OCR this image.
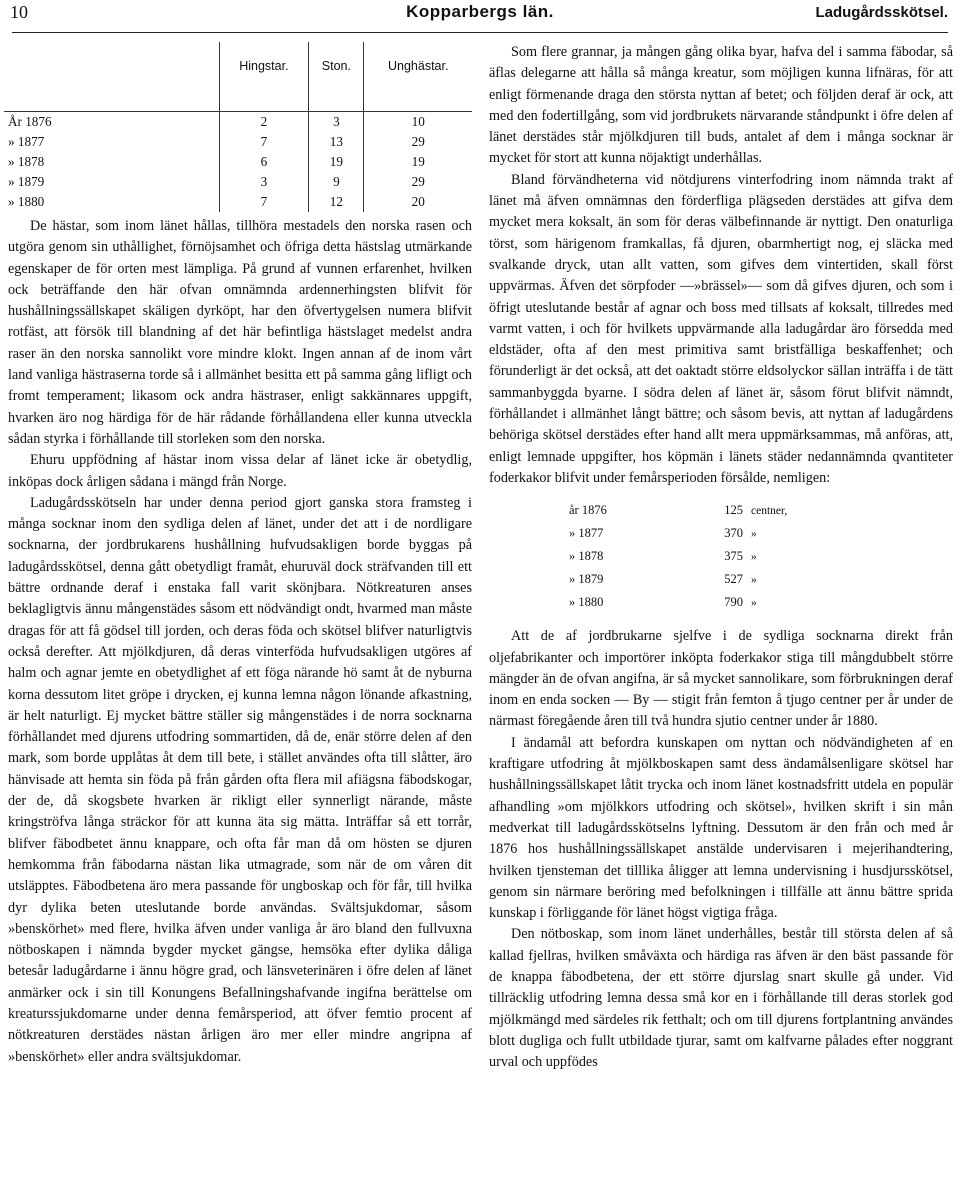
10	Kopparbergs län.	Ladugårdsskötsel.
	Hingstar.	Ston.	Unghästar.
År 1876	2	3	10
» 1877	7	13	29
» 1878	6	19	19
» 1879	3	9	29
» 1880	7	12	20

De hästar, som inom länet hållas, tillhöra mestadels den norska rasen och utgöra genom sin uthållighet, förnöjsamhet och öfriga detta hästslag utmärkande egenskaper de för orten mest lämpliga. På grund af vunnen erfarenhet, hvilken ock beträffande den här ofvan omnämnda ardennerhingsten blifvit för hushållningssällskapet skäligen dyrköpt, har den öfvertygelsen numera blifvit rotfäst, att försök till blandning af det här befintliga hästslaget medelst andra raser än den norska sannolikt vore mindre klokt. Ingen annan af de inom vårt land vanliga hästraserna torde så i allmänhet besitta ett på samma gång lifligt och fromt temperament; likasom ock andra hästraser, enligt sakkännares uppgift, hvarken äro nog härdiga för de här rådande förhållandena eller kunna utveckla sådan styrka i förhållande till storleken som den norska.

Ehuru uppfödning af hästar inom vissa delar af länet icke är obetydlig, inköpas dock årligen sådana i mängd från Norge.

Ladugårdsskötseln har under denna period gjort ganska stora framsteg i många socknar inom den sydliga delen af länet, under det att i de nordligare socknarna, der jordbrukarens hushållning hufvudsakligen borde byggas på ladugårdsskötsel, denna gått obetydligt framåt, ehuruväl dock sträfvanden till ett bättre ordnande deraf i enstaka fall varit skönjbara. Nötkreaturen anses beklagligtvis ännu mångenstädes såsom ett nödvändigt ondt, hvarmed man måste dragas för att få gödsel till jorden, och deras föda och skötsel blifver naturligtvis också derefter. Att mjölkdjuren, då deras vinterföda hufvudsakligen utgöres af halm och agnar jemte en obetydlighet af ett föga närande hö samt åt de nyburna korna dessutom litet gröpe i drycken, ej kunna lemna någon lönande afkastning, är helt naturligt. Ej mycket bättre ställer sig mångenstädes i de norra socknarna förhållandet med djurens utfodring sommartiden, då de, enär större delen af den mark, som borde upplåtas åt dem till bete, i stället användes ofta till slåtter, äro hänvisade att hemta sin föda på från gården ofta flera mil afiägsna fäbodskogar, der de, då skogsbete hvarken är rikligt eller synnerligt närande, måste kringströfva långa sträckor för att kunna äta sig mätta. Inträffar så ett torrår, blifver fäbodbetet ännu knappare, och ofta får man då om hösten se djuren hemkomma från fäbodarna nästan lika utmagrade, som när de om våren dit utsläpptes. Fäbodbetena äro mera passande för ungboskap och för får, till hvilka dyr dylika beten uteslutande borde användas. Svältsjukdomar, såsom »benskörhet» med flere, hvilka äfven under vanliga år äro bland den fullvuxna nötboskapen i nämnda bygder mycket gängse, hemsöka efter dylika dåliga betesår ladugårdarne i ännu högre grad, och länsveterinären i öfre delen af länet anmärker ock i sin till Konungens Befallningshafvande ingifna berättelse om kreaturssjukdomarne under denna femårsperiod, att öfver femtio procent af nötkreaturen derstädes nästan årligen äro mer eller mindre angripna af »benskörhet» eller andra svältsjukdomar.

Som flere grannar, ja mången gång olika byar, hafva del i samma fäbodar, så äflas delegarne att hålla så många kreatur, som möjligen kunna lifnäras, för att enligt förmenande draga den största nyttan af betet; och följden deraf är ock, att med den fodertillgång, som vid jordbrukets närvarande ståndpunkt i öfre delen af länet derstädes står mjölkdjuren till buds, antalet af dem i många socknar är mycket för stort att kunna nöjaktigt underhållas.

Bland förvändheterna vid nötdjurens vinterfodring inom nämnda trakt af länet må äfven omnämnas den förderfliga plägseden derstädes att gifva dem mycket mera koksalt, än som för deras välbefinnande är nyttigt. Den onaturliga törst, som härigenom framkallas, få djuren, obarmhertigt nog, ej släcka med svalkande dryck, utan allt vatten, som gifves dem vintertiden, skall först uppvärmas. Äfven det sörpfoder —»brässel»— som då gifves djuren, och som i öfrigt uteslutande består af agnar och boss med tillsats af koksalt, tillredes med varmt vatten, i och för hvilkets uppvärmande alla ladugårdar äro försedda med eldstäder, ofta af den mest primitiva samt bristfälliga beskaffenhet; och förunderligt är det också, att det oaktadt större eldsolyckor sällan inträffa i de tätt sammanbyggda byarne. I södra delen af länet är, såsom förut blifvit nämndt, förhållandet i allmänhet långt bättre; och såsom bevis, att nyttan af ladugårdens behöriga skötsel derstädes efter hand allt mera uppmärksammas, må anföras, att, enligt lemnade uppgifter, hos köpmän i länets städer nedannämnda qvantiteter foderkakor blifvit under femårsperioden försålde, nemligen:

år 1876	125 centner,
» 1877	370 »
» 1878	375 »
» 1879	527 »
» 1880	790 »

Att de af jordbrukarne sjelfve i de sydliga socknarna direkt från oljefabrikanter och importörer inköpta foderkakor stiga till mångdubbelt större mängder än de ofvan angifna, är så mycket sannolikare, som förbrukningen deraf inom en enda socken — By — stigit från femton å tjugo centner per år under de närmast föregående åren till två hundra sjutio centner under år 1880.

I ändamål att befordra kunskapen om nyttan och nödvändigheten af en kraftigare utfodring åt mjölkboskapen samt dess ändamålsenligare skötsel har hushållningssällskapet låtit trycka och inom länet kostnadsfritt utdela en populär afhandling »om mjölkkors utfodring och skötsel», hvilken skrift i sin mån medverkat till ladugårdsskötselns lyftning. Dessutom är den från och med år 1876 hos hushållningssällskapet anstälde undervisaren i mejerihandtering, hvilken tjensteman det tilllika åligger att lemna undervisning i husdjursskötsel, genom sin närmare beröring med befolkningen i tillfälle att ännu bättre sprida kunskap i förliggande för länet högst vigtiga fråga.

Den nötboskap, som inom länet underhålles, består till största delen af så kallad fjellras, hvilken småväxta och härdiga ras äfven är den bäst passande för de knappa fäbodbetena, der ett större djurslag snart skulle gå under. Vid tillräcklig utfodring lemna dessa små kor en i förhållande till deras storlek god mjölkmängd med särdeles rik fetthalt; och om till djurens fortplantning användes blott dugliga och fullt utbildade tjurar, samt om kalfvarne pålades efter noggrant urval och uppfödes
